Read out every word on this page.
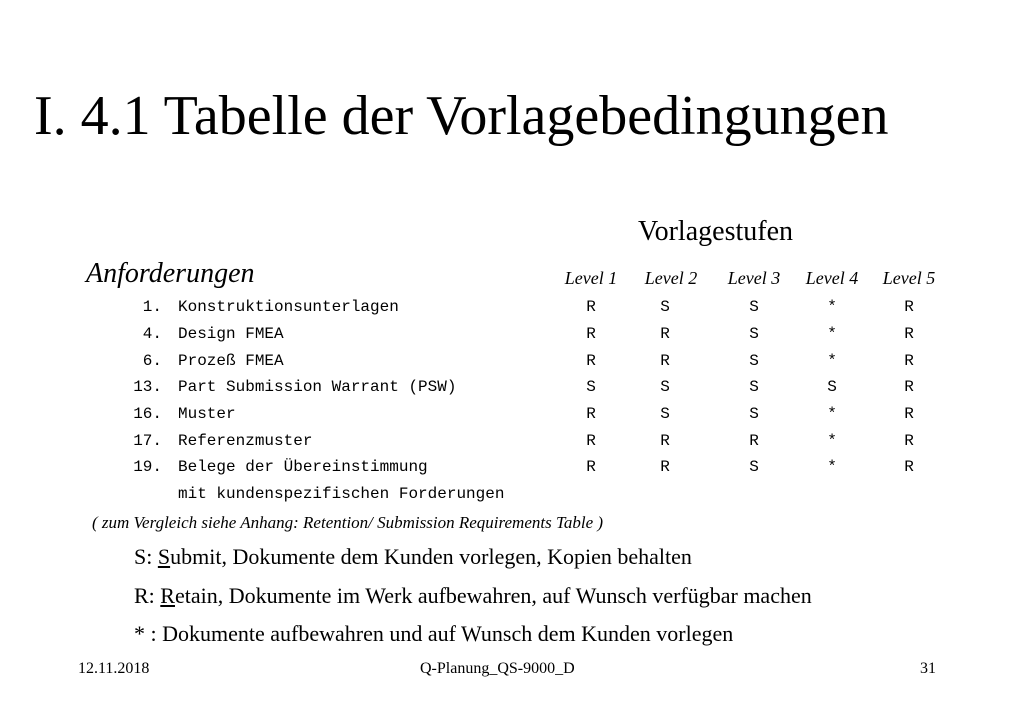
I. 4.1 Tabelle der Vorlagebedingungen
Vorlagestufen
Anforderungen	Level 1 Level 2 Level 3 Level 4 Level 5
1. Konstruktionsunterlagen	R	S	S	*	R
4. Design FMEA	R	R	S	*	R
6. Prozeß FMEA	R	R	S	*	R
13. Part Submission Warrant (PSW)	S	S	S	S	R
16. Muster	R	S	S	*	R
17. Referenzmuster	R	R	R	*	R
19. Belege der Übereinstimmung	R	R	S	*	R
mit kundenspezifischen Forderungen
( zum Vergleich siehe Anhang: Retention/ Submission Requirements Table )
S: Submit, Dokumente dem Kunden vorlegen, Kopien behalten
R: Retain, Dokumente im Werk aufbewahren, auf Wunsch verfügbar machen
* : Dokumente aufbewahren und auf Wunsch dem Kunden vorlegen
12.11.2018	Q-Planung_QS-9000_D	31
